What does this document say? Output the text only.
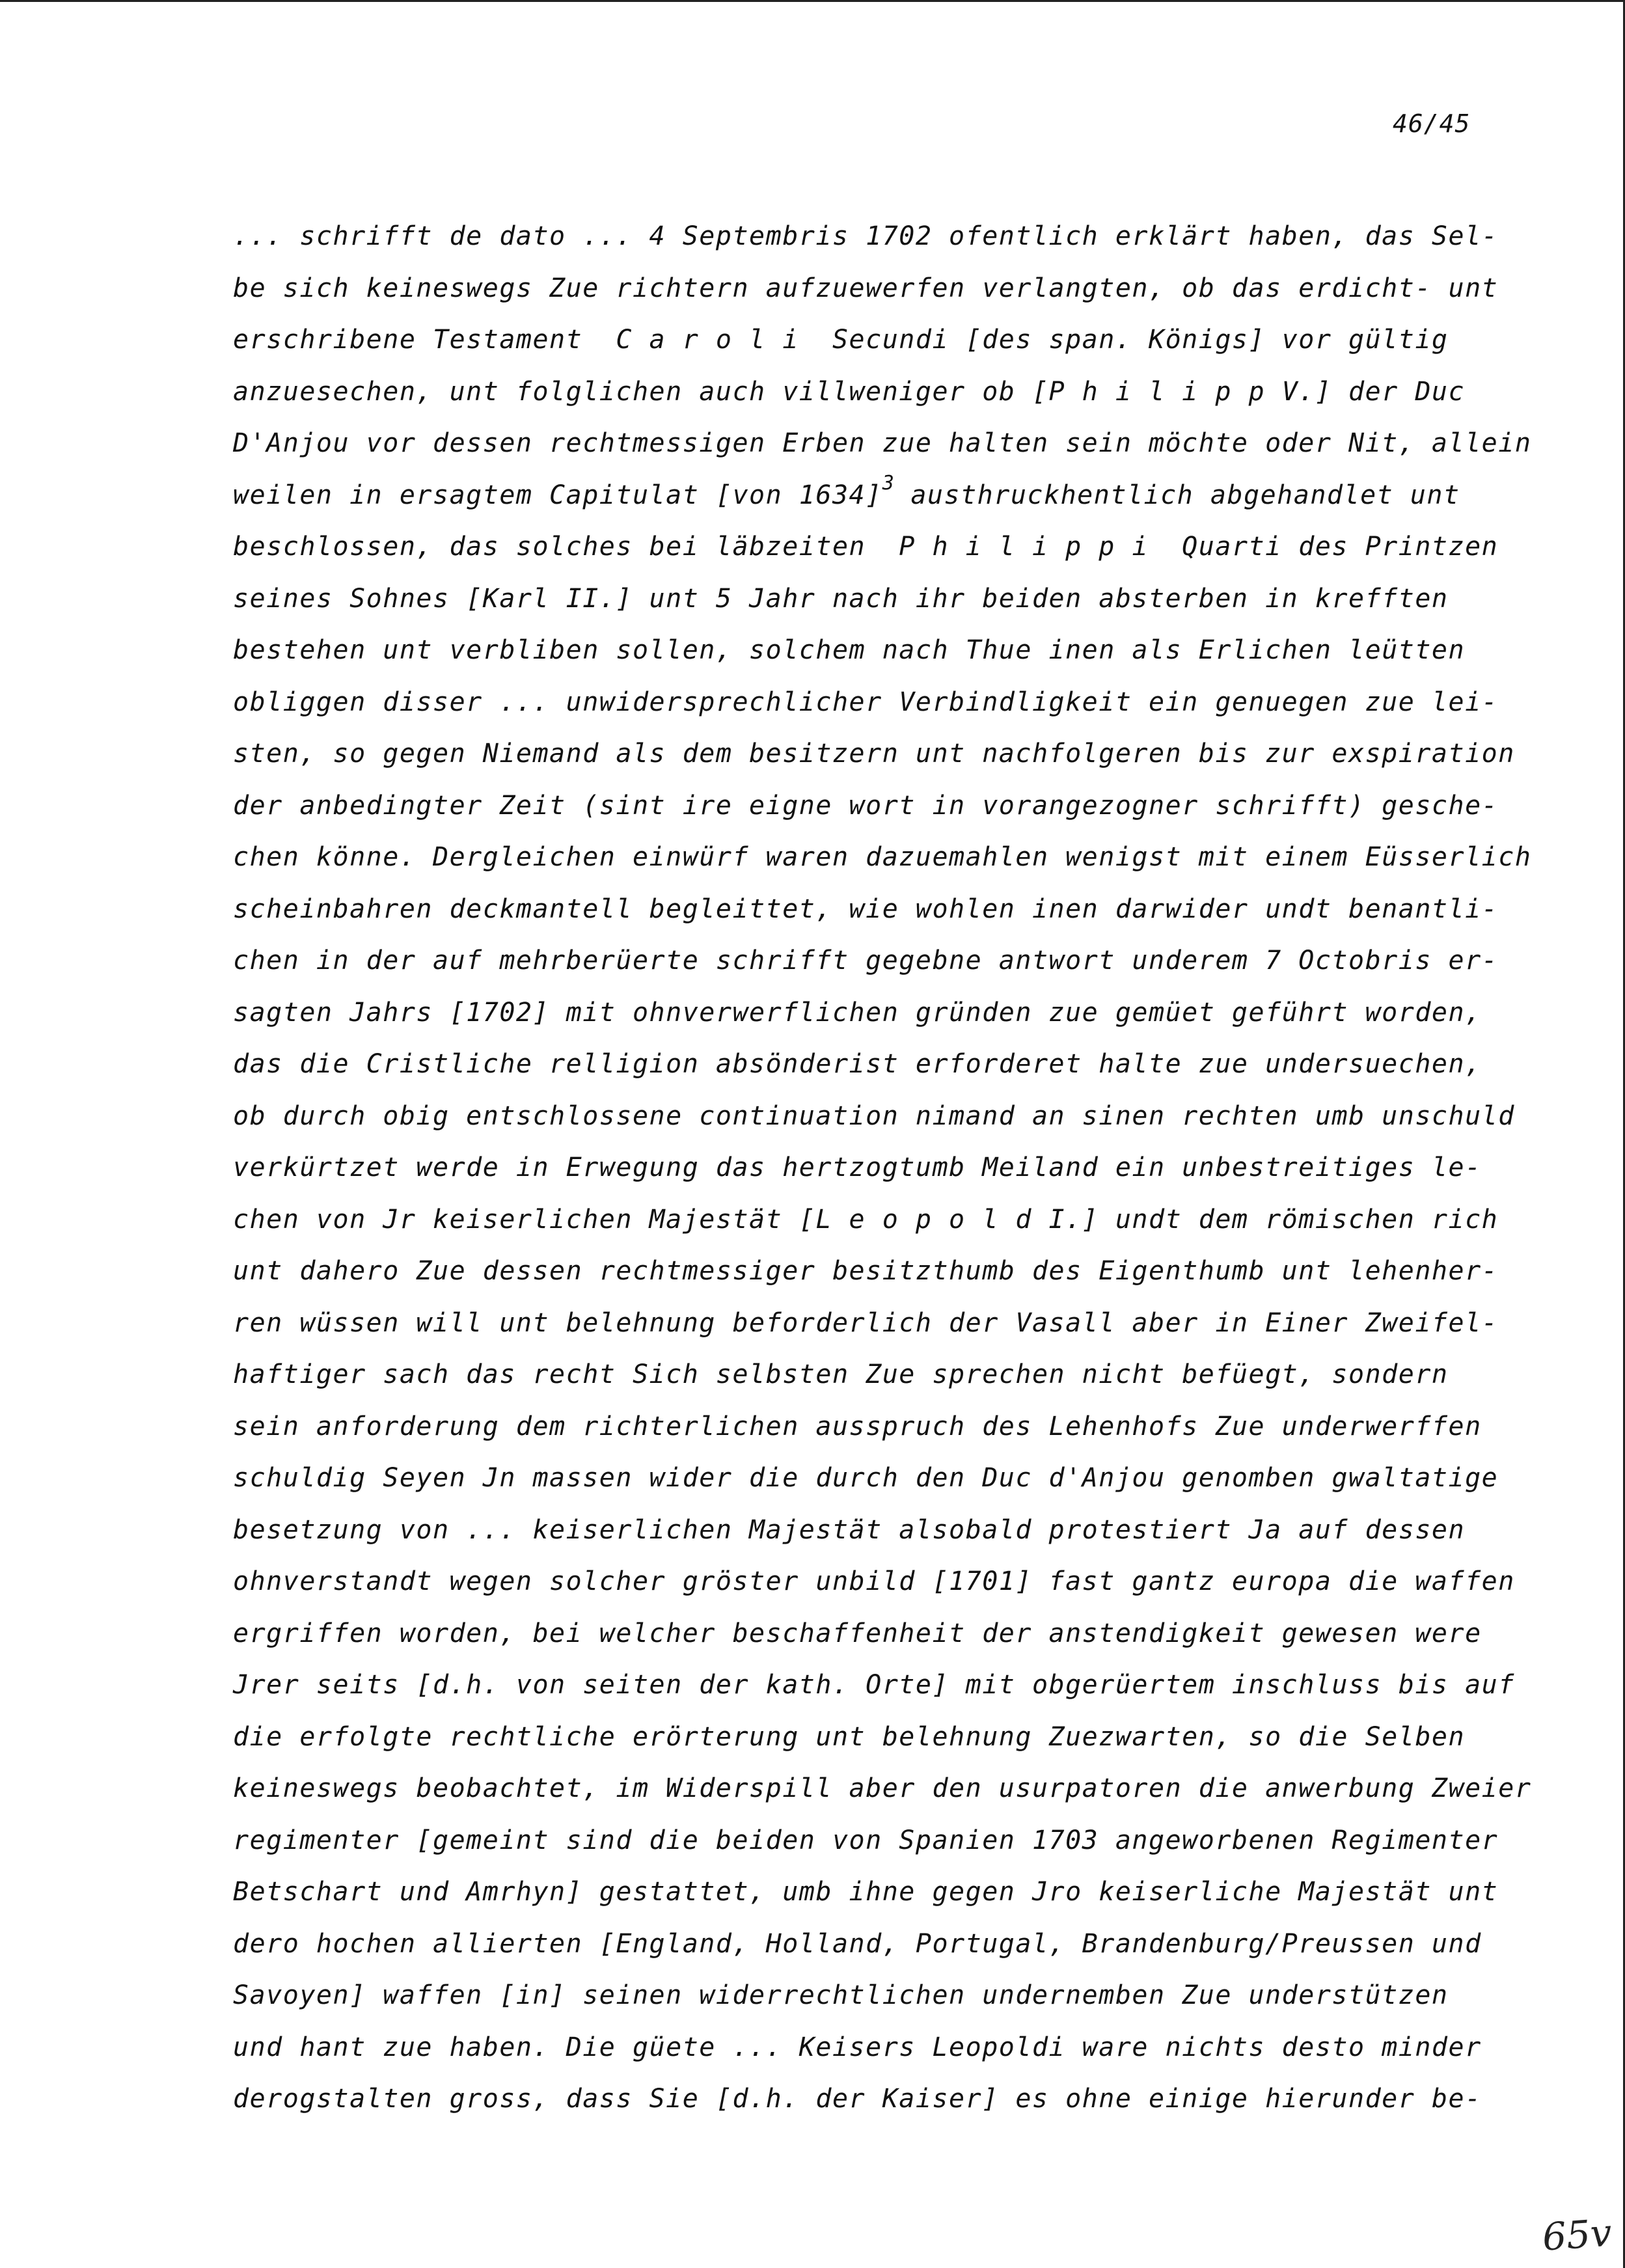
46/45
... schrifft de dato ... 4 Septembris 1702 ofentlich erklärt haben, das Sel-
be sich keineswegs Zue richtern aufzuewerfen verlangten, ob das erdicht- unt
erschribene Testament  C a r o l i  Secundi [des span. Königs] vor gültig
anzuesechen, unt folglichen auch villweniger ob [P h i l i p p V.] der Duc
D'Anjou vor dessen rechtmessigen Erben zue halten sein möchte oder Nit, allein
weilen in ersagtem Capitulat [von 1634]$^3$ austhruckhentlich abgehandlet unt
beschlossen, das solches bei läbzeiten  P h i l i p p i  Quarti des Printzen
seines Sohnes [Karl II.] unt 5 Jahr nach ihr beiden absterben in krefften
bestehen unt verbliben sollen, solchem nach Thue inen als Erlichen leütten
obliggen disser ... unwidersprechlicher Verbindligkeit ein genuegen zue lei-
sten, so gegen Niemand als dem besitzern unt nachfolgeren bis zur exspiration
der anbedingter Zeit (sint ire eigne wort in vorangezogner schrifft) gesche-
chen könne. Dergleichen einwürf waren dazuemahlen wenigst mit einem Eüsserlich
scheinbahren deckmantell begleittet, wie wohlen inen darwider undt benantli-
chen in der auf mehrberüerte schrifft gegebne antwort underem 7 Octobris er-
sagten Jahrs [1702] mit ohnverwerflichen gründen zue gemüet geführt worden,
das die Cristliche relligion absönderist erforderet halte zue undersuechen,
ob durch obig entschlossene continuation nimand an sinen rechten umb unschuld
verkürtzet werde in Erwegung das hertzogtumb Meiland ein unbestreitiges le-
chen von Jr keiserlichen Majestät [L e o p o l d I.] undt dem römischen rich
unt dahero Zue dessen rechtmessiger besitzthumb des Eigenthumb unt lehenher-
ren wüssen will unt belehnung beforderlich der Vasall aber in Einer Zweifel-
haftiger sach das recht Sich selbsten Zue sprechen nicht befüegt, sondern
sein anforderung dem richterlichen ausspruch des Lehenhofs Zue underwerffen
schuldig Seyen Jn massen wider die durch den Duc d'Anjou genomben gwaltatige
besetzung von ... keiserlichen Majestät alsobald protestiert Ja auf dessen
ohnverstandt wegen solcher gröster unbild [1701] fast gantz europa die waffen
ergriffen worden, bei welcher beschaffenheit der anstendigkeit gewesen were
Jrer seits [d.h. von seiten der kath. Orte] mit obgerüertem inschluss bis auf
die erfolgte rechtliche erörterung unt belehnung Zuezwarten, so die Selben
keineswegs beobachtet, im Widerspill aber den usurpatoren die anwerbung Zweier
regimenter [gemeint sind die beiden von Spanien 1703 angeworbenen Regimenter
Betschart und Amrhyn] gestattet, umb ihne gegen Jro keiserliche Majestät unt
dero hochen allierten [England, Holland, Portugal, Brandenburg/Preussen und
Savoyen] waffen [in] seinen widerrechtlichen undernemben Zue understützen
und hant zue haben. Die güete ... Keisers Leopoldi ware nichts desto minder
derogstalten gross, dass Sie [d.h. der Kaiser] es ohne einige hierunder be-
65v
